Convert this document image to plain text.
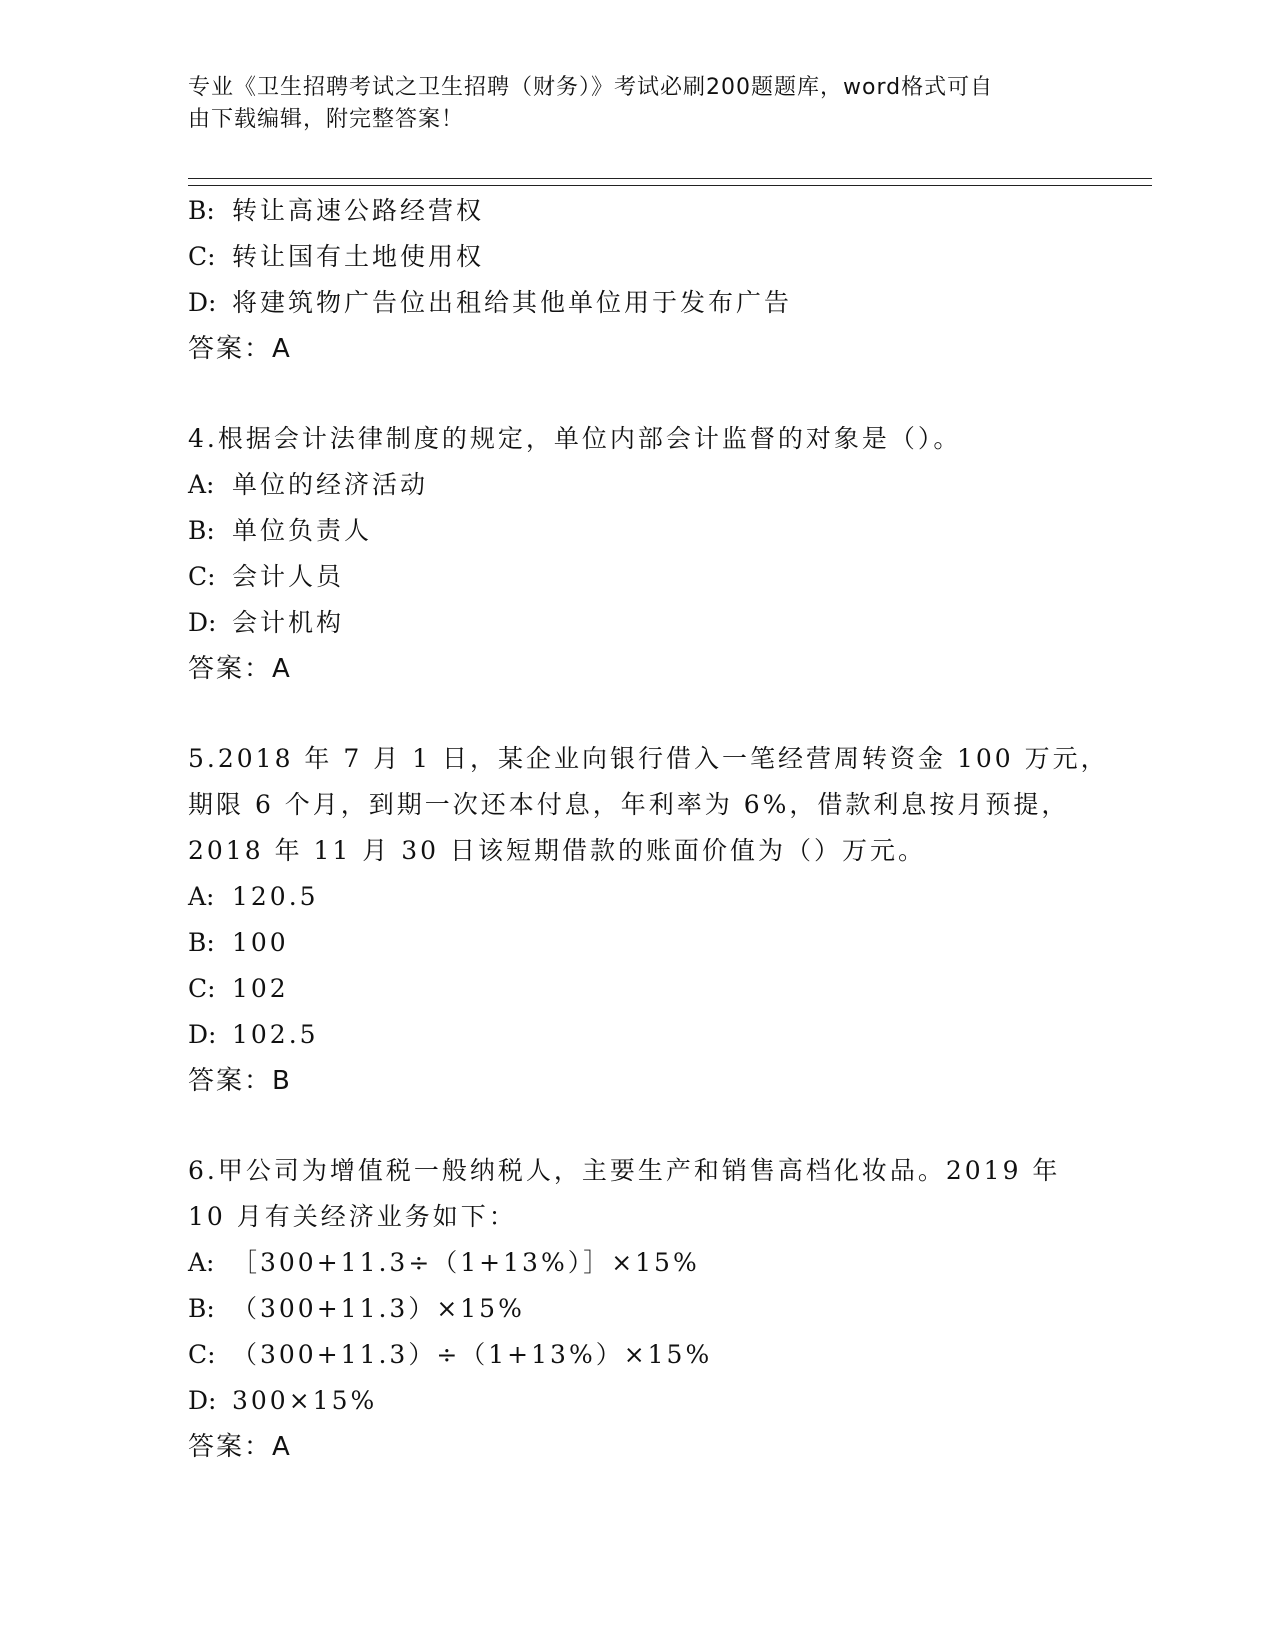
专业《卫生招聘考试之卫生招聘（财务）》考试必刷200题题库，word格式可自
由下载编辑，附完整答案！
B: 转让高速公路经营权
C: 转让国有土地使用权
D: 将建筑物广告位出租给其他单位用于发布广告
答案：A
4.根据会计法律制度的规定，单位内部会计监督的对象是（）。
A: 单位的经济活动
B: 单位负责人
C: 会计人员
D: 会计机构
答案：A
5.2018 年 7 月 1 日，某企业向银行借入一笔经营周转资金 100 万元，
期限 6 个月，到期一次还本付息，年利率为 6%，借款利息按月预提，
2018 年 11 月 30 日该短期借款的账面价值为（）万元。
A: 120.5
B: 100
C: 102
D: 102.5
答案：B
6.甲公司为增值税一般纳税人，主要生产和销售高档化妆品。2019 年
10 月有关经济业务如下：
A: ［300+11.3÷（1+13%）］×15%
B: （300+11.3）×15%
C: （300+11.3）÷（1+13%）×15%
D: 300×15%
答案：A
